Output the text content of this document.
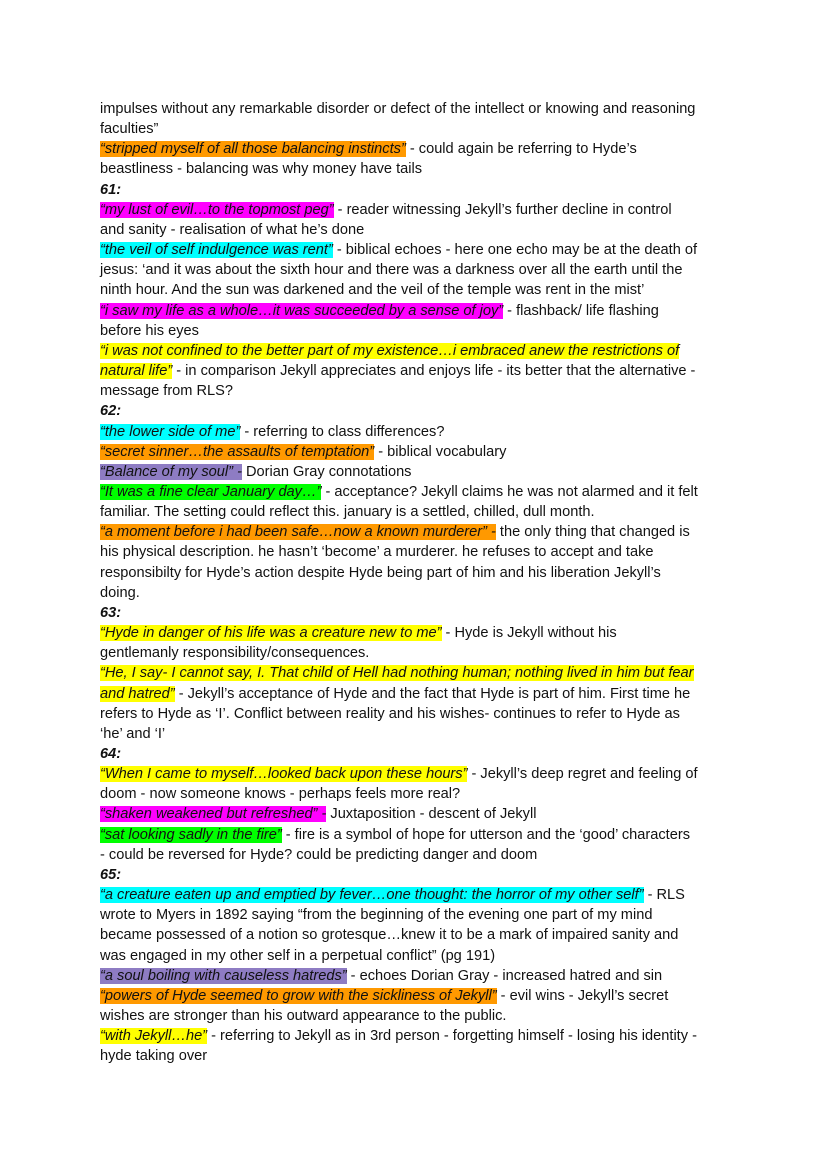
impulses without any remarkable disorder or defect of the intellect or knowing and reasoning
faculties”
“stripped myself of all those balancing instincts” - could again be referring to Hyde’s
beastliness - balancing was why money have tails
61:
“my lust of evil…to the topmost peg” - reader witnessing Jekyll’s further decline in control
and sanity - realisation of what he’s done
“the veil of self indulgence was rent” - biblical echoes - here one echo may be at the death of
jesus: ‘and it was about the sixth hour and there was a darkness over all the earth until the
ninth hour. And the sun was darkened and the veil of the temple was rent in the mist’
“i saw my life as a whole…it was succeeded by a sense of joy” - flashback/ life flashing
before his eyes
“i was not confined to the better part of my existence…i embraced anew the restrictions of
natural life” - in comparison Jekyll appreciates and enjoys life - its better that the alternative -
message from RLS?
62:
“the lower side of me” - referring to class differences?
“secret sinner…the assaults of temptation” - biblical vocabulary
“Balance of my soul” - Dorian Gray connotations
“It was a fine clear January day…” - acceptance? Jekyll claims he was not alarmed and it felt
familiar. The setting could reflect this. january is a settled, chilled, dull month.
“a moment before i had been safe…now a known murderer” - the only thing that changed is
his physical description. he hasn’t ‘become’ a murderer. he refuses to accept and take
responsibilty for Hyde’s action despite Hyde being part of him and his liberation Jekyll’s
doing.
63:
“Hyde in danger of his life was a creature new to me” - Hyde is Jekyll without his
gentlemanly responsibility/consequences.
“He, I say- I cannot say, I. That child of Hell had nothing human; nothing lived in him but fear
and hatred” - Jekyll’s acceptance of Hyde and the fact that Hyde is part of him. First time he
refers to Hyde as ‘I’. Conflict between reality and his wishes- continues to refer to Hyde as
‘he’ and ‘I’
64:
“When I came to myself…looked back upon these hours” - Jekyll’s deep regret and feeling of
doom - now someone knows - perhaps feels more real?
“shaken weakened but refreshed” - Juxtaposition - descent of Jekyll
“sat looking sadly in the fire” - fire is a symbol of hope for utterson and the ‘good’ characters
- could be reversed for Hyde? could be predicting danger and doom
65:
“a creature eaten up and emptied by fever…one thought: the horror of my other self” - RLS
wrote to Myers in 1892 saying “from the beginning of the evening one part of my mind
became possessed of a notion so grotesque…knew it to be a mark of impaired sanity and
was engaged in my other self in a perpetual conflict” (pg 191)
“a soul boiling with causeless hatreds” - echoes Dorian Gray - increased hatred and sin
“powers of Hyde seemed to grow with the sickliness of Jekyll” - evil wins - Jekyll’s secret
wishes are stronger than his outward appearance to the public.
“with Jekyll…he” - referring to Jekyll as in 3rd person - forgetting himself - losing his identity -
hyde taking over
